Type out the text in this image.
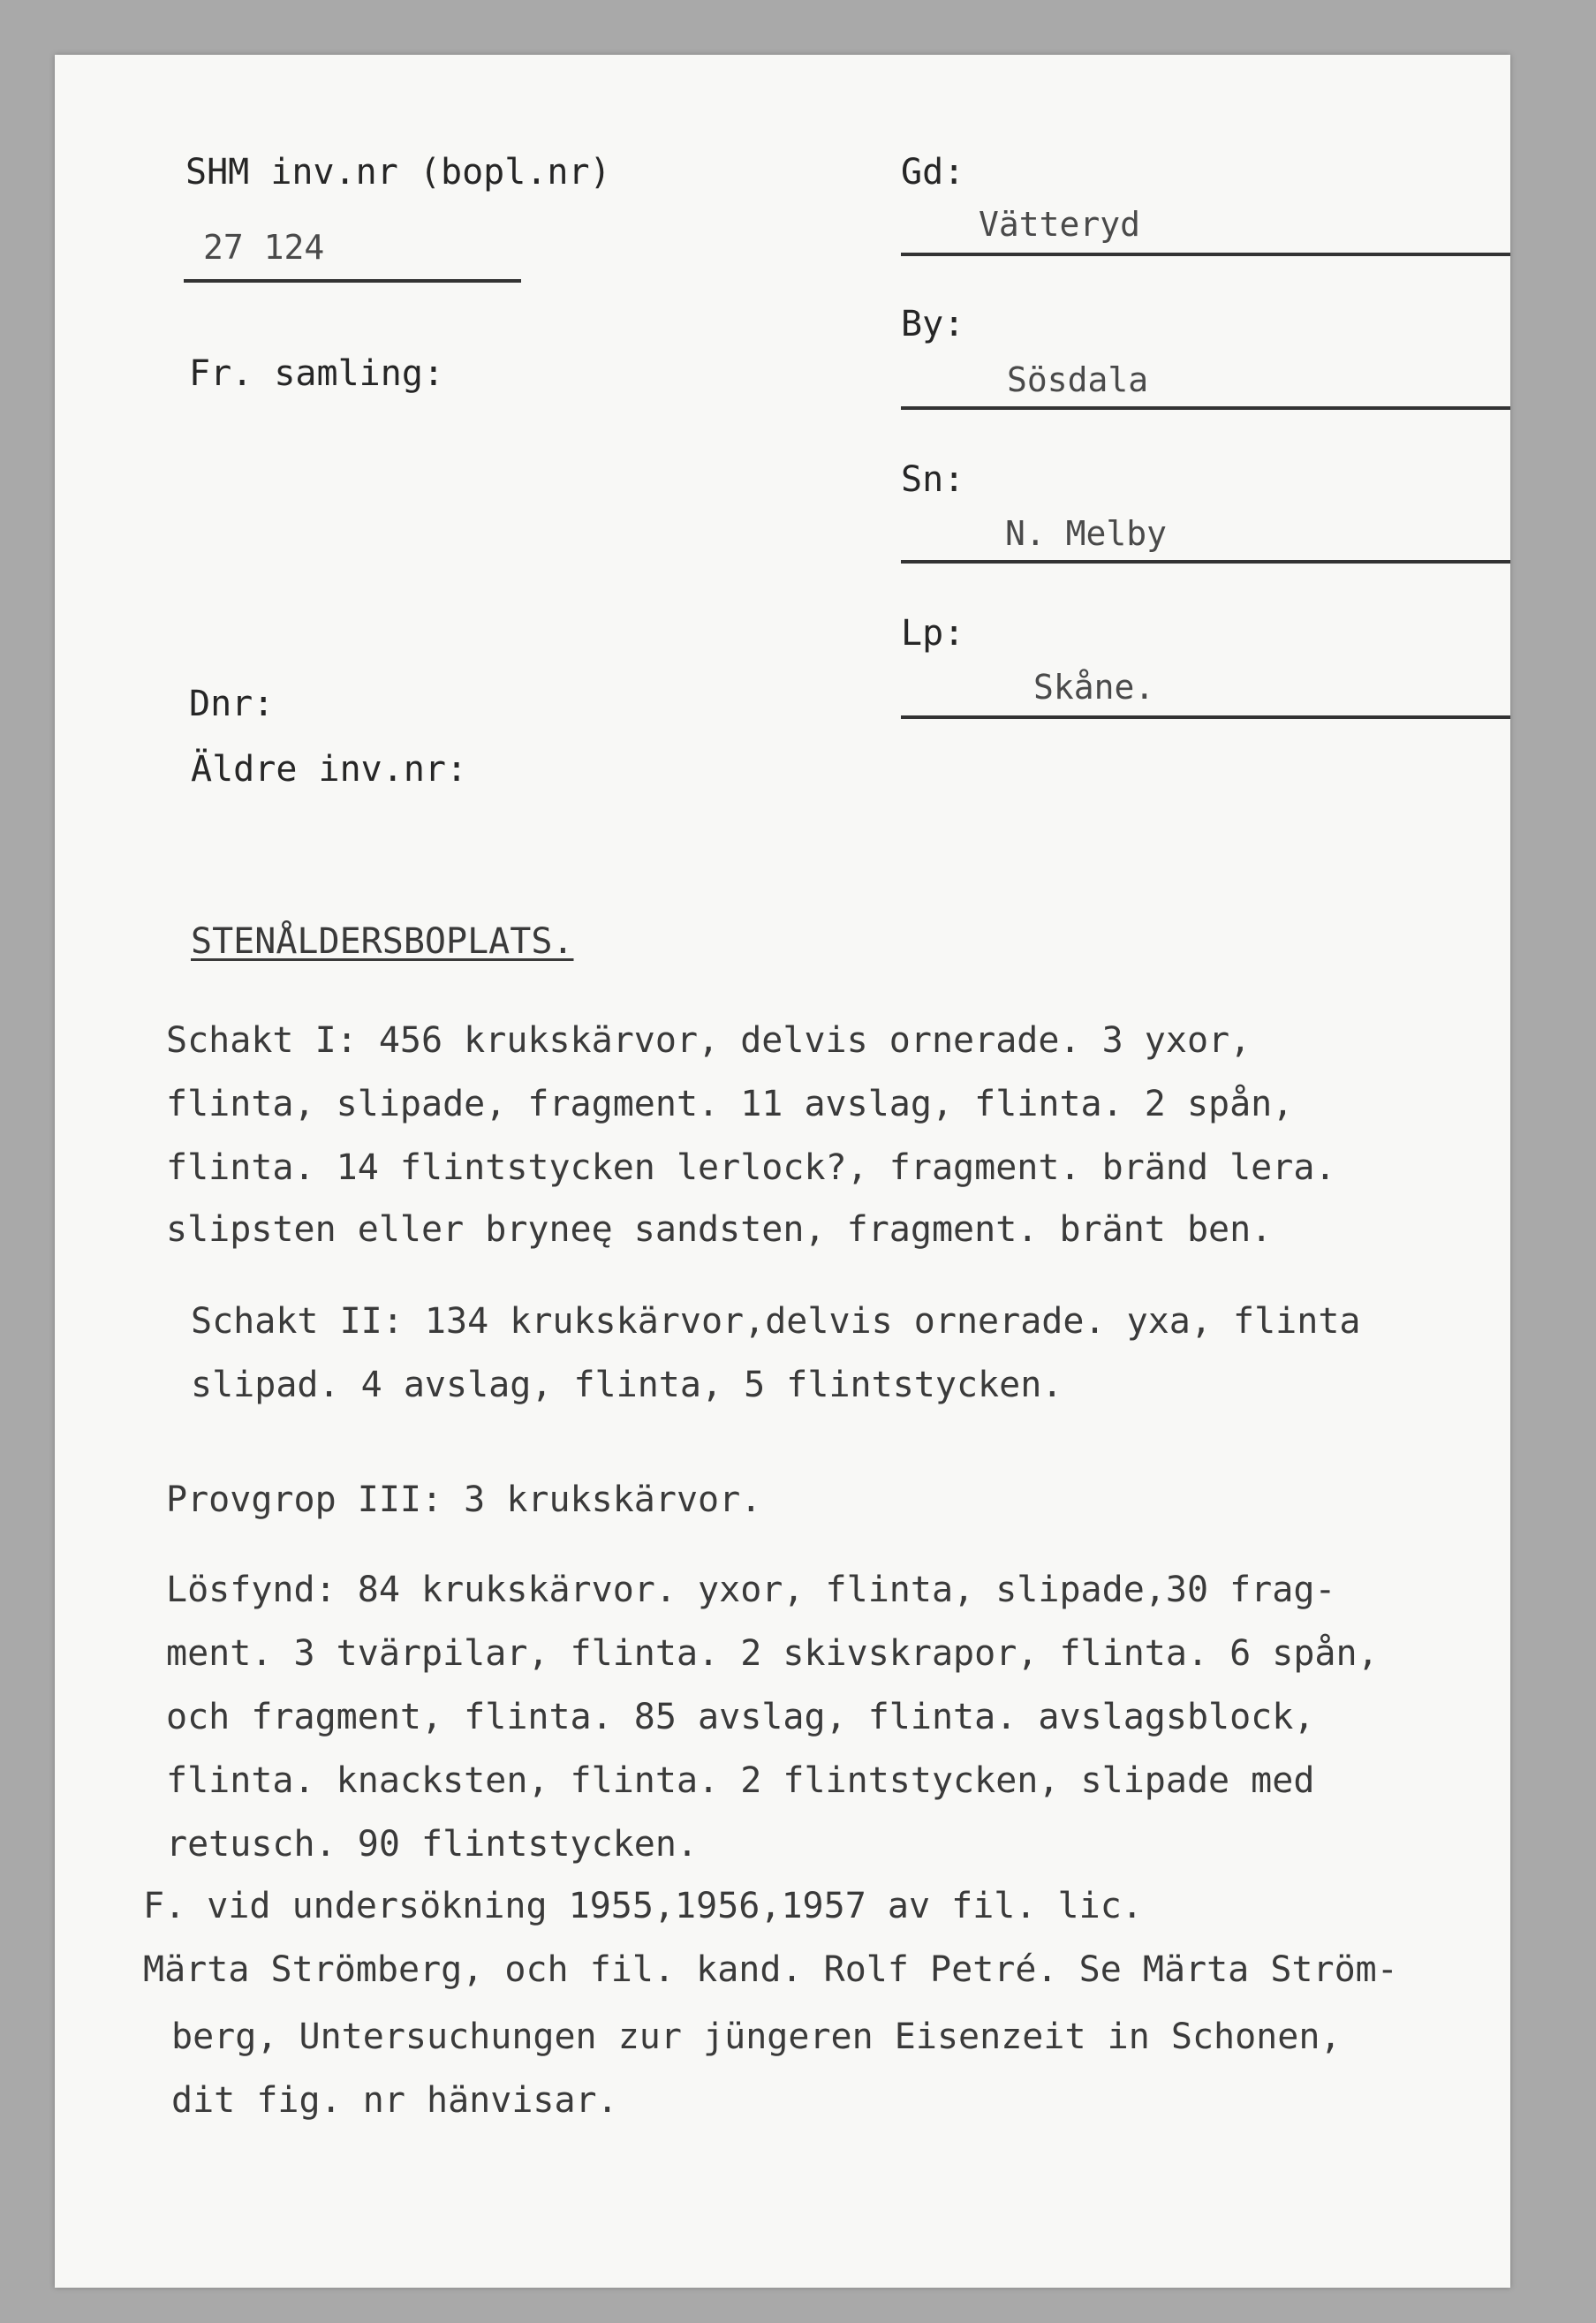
SHM inv.nr (bopl.nr)
27 124
Fr. samling:
Dnr:
Äldre inv.nr:
Gd:
Vätteryd
By:
Sösdala
Sn:
N. Melby
Lp:
Skåne.
STENÅLDERSBOPLATS.
Schakt I: 456 krukskärvor, delvis ornerade. 3 yxor,
flinta, slipade, fragment. 11 avslag, flinta. 2 spån,
flinta. 14 flintstycken lerlock?, fragment. bränd lera.
slipsten eller bryneę sandsten, fragment. bränt ben.
Schakt II: 134 krukskärvor,delvis ornerade. yxa, flinta
slipad. 4 avslag, flinta, 5 flintstycken.
Provgrop III: 3 krukskärvor.
Lösfynd: 84 krukskärvor. yxor, flinta, slipade,30 frag-
ment. 3 tvärpilar, flinta. 2 skivskrapor, flinta. 6 spån,
och fragment, flinta. 85 avslag, flinta. avslagsblock,
flinta. knacksten, flinta. 2 flintstycken, slipade med
retusch. 90 flintstycken.
F. vid undersökning 1955,1956,1957 av fil. lic.
Märta Strömberg, och fil. kand. Rolf Petré. Se Märta Ström-
berg, Untersuchungen zur jüngeren Eisenzeit in Schonen,
dit fig. nr hänvisar.
